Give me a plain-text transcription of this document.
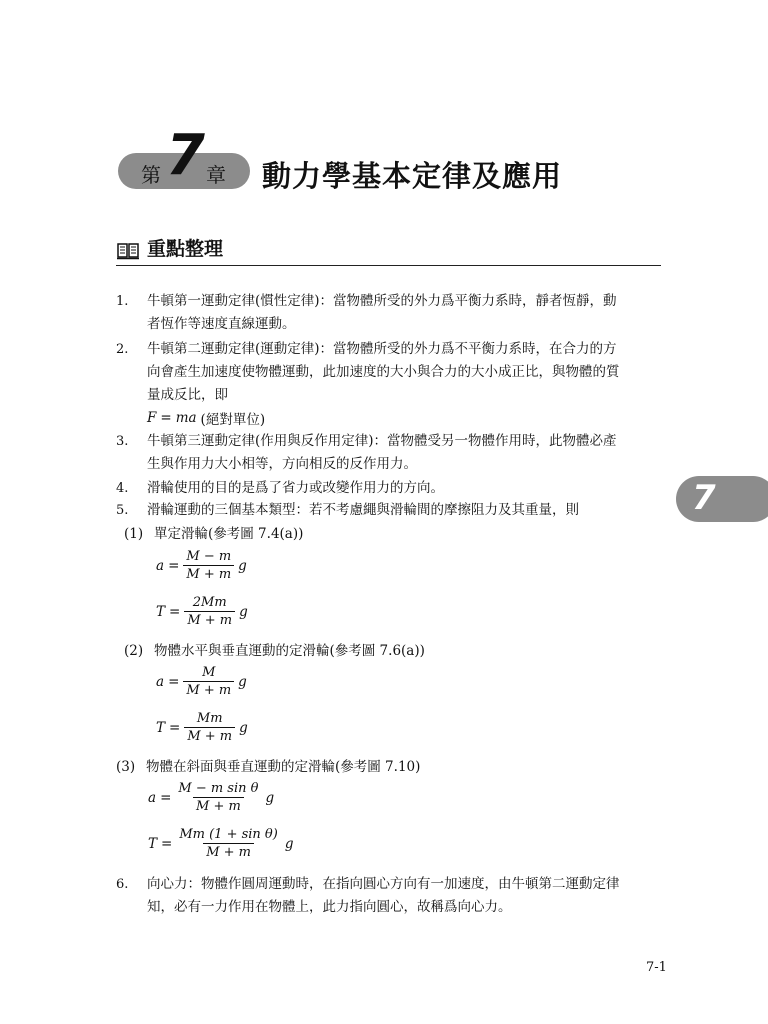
第 7 章 動力學基本定律及應用
重點整理
1. 牛頓第一運動定律(慣性定律)：當物體所受的外力爲平衡力系時，靜者恆靜，動
者恆作等速度直線運動。
2. 牛頓第二運動定律(運動定律)：當物體所受的外力爲不平衡力系時，在合力的方
向會產生加速度使物體運動，此加速度的大小與合力的大小成正比，與物體的質
量成反比，即
F = ma (絕對單位)
3. 牛頓第三運動定律(作用與反作用定律)：當物體受另一物體作用時，此物體必產
生與作用力大小相等，方向相反的反作用力。
4. 滑輪使用的目的是爲了省力或改變作用力的方向。
5. 滑輪運動的三個基本類型：若不考慮繩與滑輪間的摩擦阻力及其重量，則
(1) 單定滑輪(參考圖 7.4(a))
$a = \frac{M - m}{M + m}$ g
$T = \frac{2Mm}{M + m}$ g
(2) 物體水平與垂直運動的定滑輪(參考圖 7.6(a))
$a = \frac{M}{M + m}$ g
$T = \frac{Mm}{M + m}$ g
(3) 物體在斜面與垂直運動的定滑輪(參考圖 7.10)
$a = \frac{\text{M − m sin θ}}{M + m}$ g
$T = \frac{\text{Mm (1 + sin θ)}}{M + m}$ g
6. 向心力：物體作圓周運動時，在指向圓心方向有一加速度，由牛頓第二運動定律
知，必有一力作用在物體上，此力指向圓心，故稱爲向心力。
7
7-1
